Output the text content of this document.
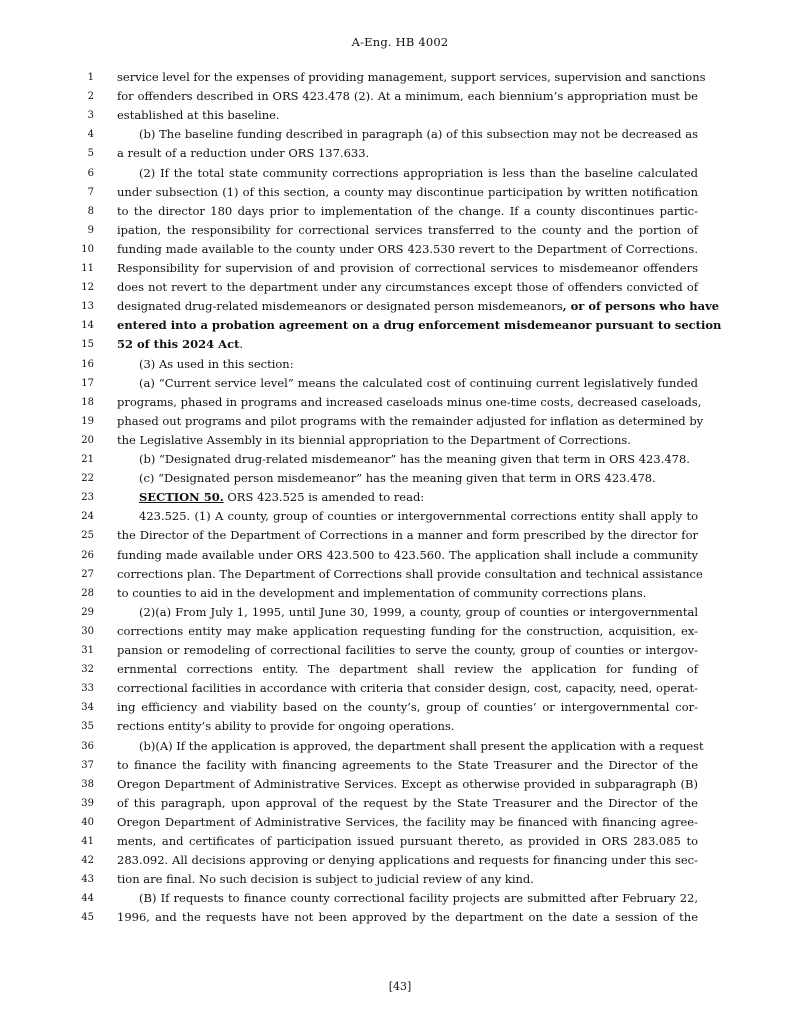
A-Eng. HB 4002
1 service level for the expenses of providing management, support services, supervision and sanctions
2 for offenders described in ORS 423.478 (2). At a minimum, each biennium’s appropriation must be
3 established at this baseline.
4	(b) The baseline funding described in paragraph (a) of this subsection may not be decreased as
5 a result of a reduction under ORS 137.633.
6	(2) If the total state community corrections appropriation is less than the baseline calculated
7 under subsection (1) of this section, a county may discontinue participation by written notification
8 to the director 180 days prior to implementation of the change. If a county discontinues partic-
9 ipation, the responsibility for correctional services transferred to the county and the portion of
10 funding made available to the county under ORS 423.530 revert to the Department of Corrections.
11 Responsibility for supervision of and provision of correctional services to misdemeanor offenders
12 does not revert to the department under any circumstances except those of offenders convicted of
13 designated drug-related misdemeanors or designated person misdemeanors, or of persons who have
14 entered into a probation agreement on a drug enforcement misdemeanor pursuant to section
15 52 of this 2024 Act.
16	(3) As used in this section:
17	(a) “Current service level” means the calculated cost of continuing current legislatively funded
18 programs, phased in programs and increased caseloads minus one-time costs, decreased caseloads,
19 phased out programs and pilot programs with the remainder adjusted for inflation as determined by
20 the Legislative Assembly in its biennial appropriation to the Department of Corrections.
21	(b) “Designated drug-related misdemeanor” has the meaning given that term in ORS 423.478.
22	(c) “Designated person misdemeanor” has the meaning given that term in ORS 423.478.
23	SECTION 50. ORS 423.525 is amended to read:
24	423.525. (1) A county, group of counties or intergovernmental corrections entity shall apply to
25 the Director of the Department of Corrections in a manner and form prescribed by the director for
26 funding made available under ORS 423.500 to 423.560. The application shall include a community
27 corrections plan. The Department of Corrections shall provide consultation and technical assistance
28 to counties to aid in the development and implementation of community corrections plans.
29	(2)(a) From July 1, 1995, until June 30, 1999, a county, group of counties or intergovernmental
30 corrections entity may make application requesting funding for the construction, acquisition, ex-
31 pansion or remodeling of correctional facilities to serve the county, group of counties or intergov-
32 ernmental corrections entity. The department shall review the application for funding of
33 correctional facilities in accordance with criteria that consider design, cost, capacity, need, operat-
34 ing efficiency and viability based on the county’s, group of counties’ or intergovernmental cor-
35 rections entity’s ability to provide for ongoing operations.
36	(b)(A) If the application is approved, the department shall present the application with a request
37 to finance the facility with financing agreements to the State Treasurer and the Director of the
38 Oregon Department of Administrative Services. Except as otherwise provided in subparagraph (B)
39 of this paragraph, upon approval of the request by the State Treasurer and the Director of the
40 Oregon Department of Administrative Services, the facility may be financed with financing agree-
41 ments, and certificates of participation issued pursuant thereto, as provided in ORS 283.085 to
42 283.092. All decisions approving or denying applications and requests for financing under this sec-
43 tion are final. No such decision is subject to judicial review of any kind.
44	(B) If requests to finance county correctional facility projects are submitted after February 22,
45 1996, and the requests have not been approved by the department on the date a session of the
[43]
